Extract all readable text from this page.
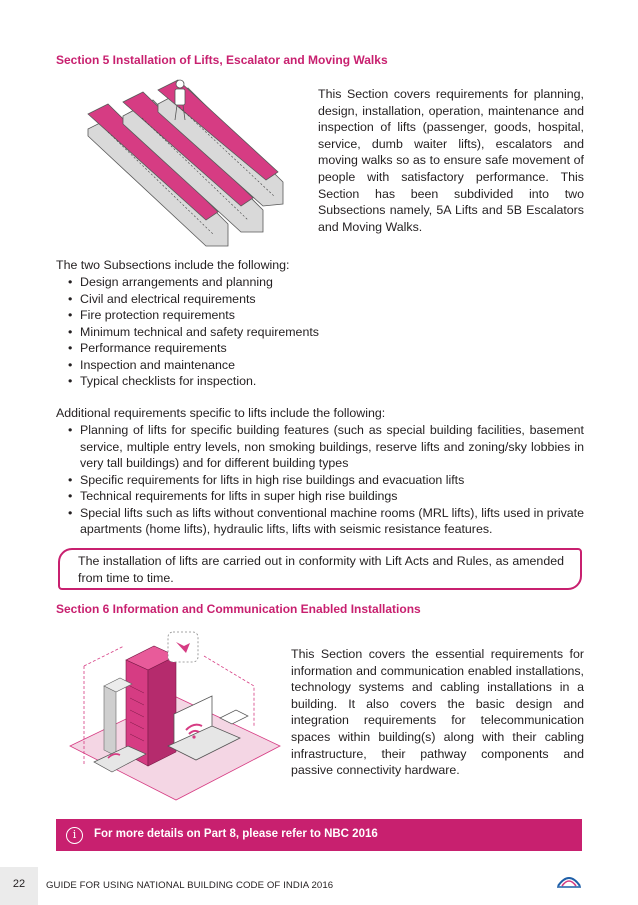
Section 5 Installation of Lifts, Escalator and Moving Walks
This Section covers requirements for planning, design, installation, operation, maintenance and inspection of lifts (passenger, goods, hospital, service, dumb waiter lifts), escalators and moving walks so as to ensure safe movement of people with satisfactory performance. This Section has been subdivided into two Subsections namely, 5A Lifts and 5B Escalators and Moving Walks.
The two Subsections include the following:
• Design arrangements and planning
• Civil and electrical requirements
• Fire protection requirements
• Minimum technical and safety requirements
• Performance requirements
• Inspection and maintenance
• Typical checklists for inspection.
Additional requirements specific to lifts include the following:
• Planning of lifts for specific building features (such as special building facilities, basement service, multiple entry levels, non smoking buildings, reserve lifts and zoning/sky lobbies in very tall buildings) and for different building types
• Specific requirements for lifts in high rise buildings and evacuation lifts
• Technical requirements for lifts in super high rise buildings
• Special lifts such as lifts without conventional machine rooms (MRL lifts), lifts used in private apartments (home lifts), hydraulic lifts, lifts with seismic resistance features.
The installation of lifts are carried out in conformity with Lift Acts and Rules, as amended from time to time.
Section 6 Information and Communication Enabled Installations
This Section covers the essential requirements for information and communication enabled installations, technology systems and cabling installations in a building. It also covers the basic design and integration requirements for telecommunication spaces within building(s) along with their cabling infrastructure, their pathway components and passive connectivity hardware.
i	For more details on Part 8, please refer to NBC 2016
22	GUIDE FOR USING NATIONAL BUILDING CODE OF INDIA 2016
